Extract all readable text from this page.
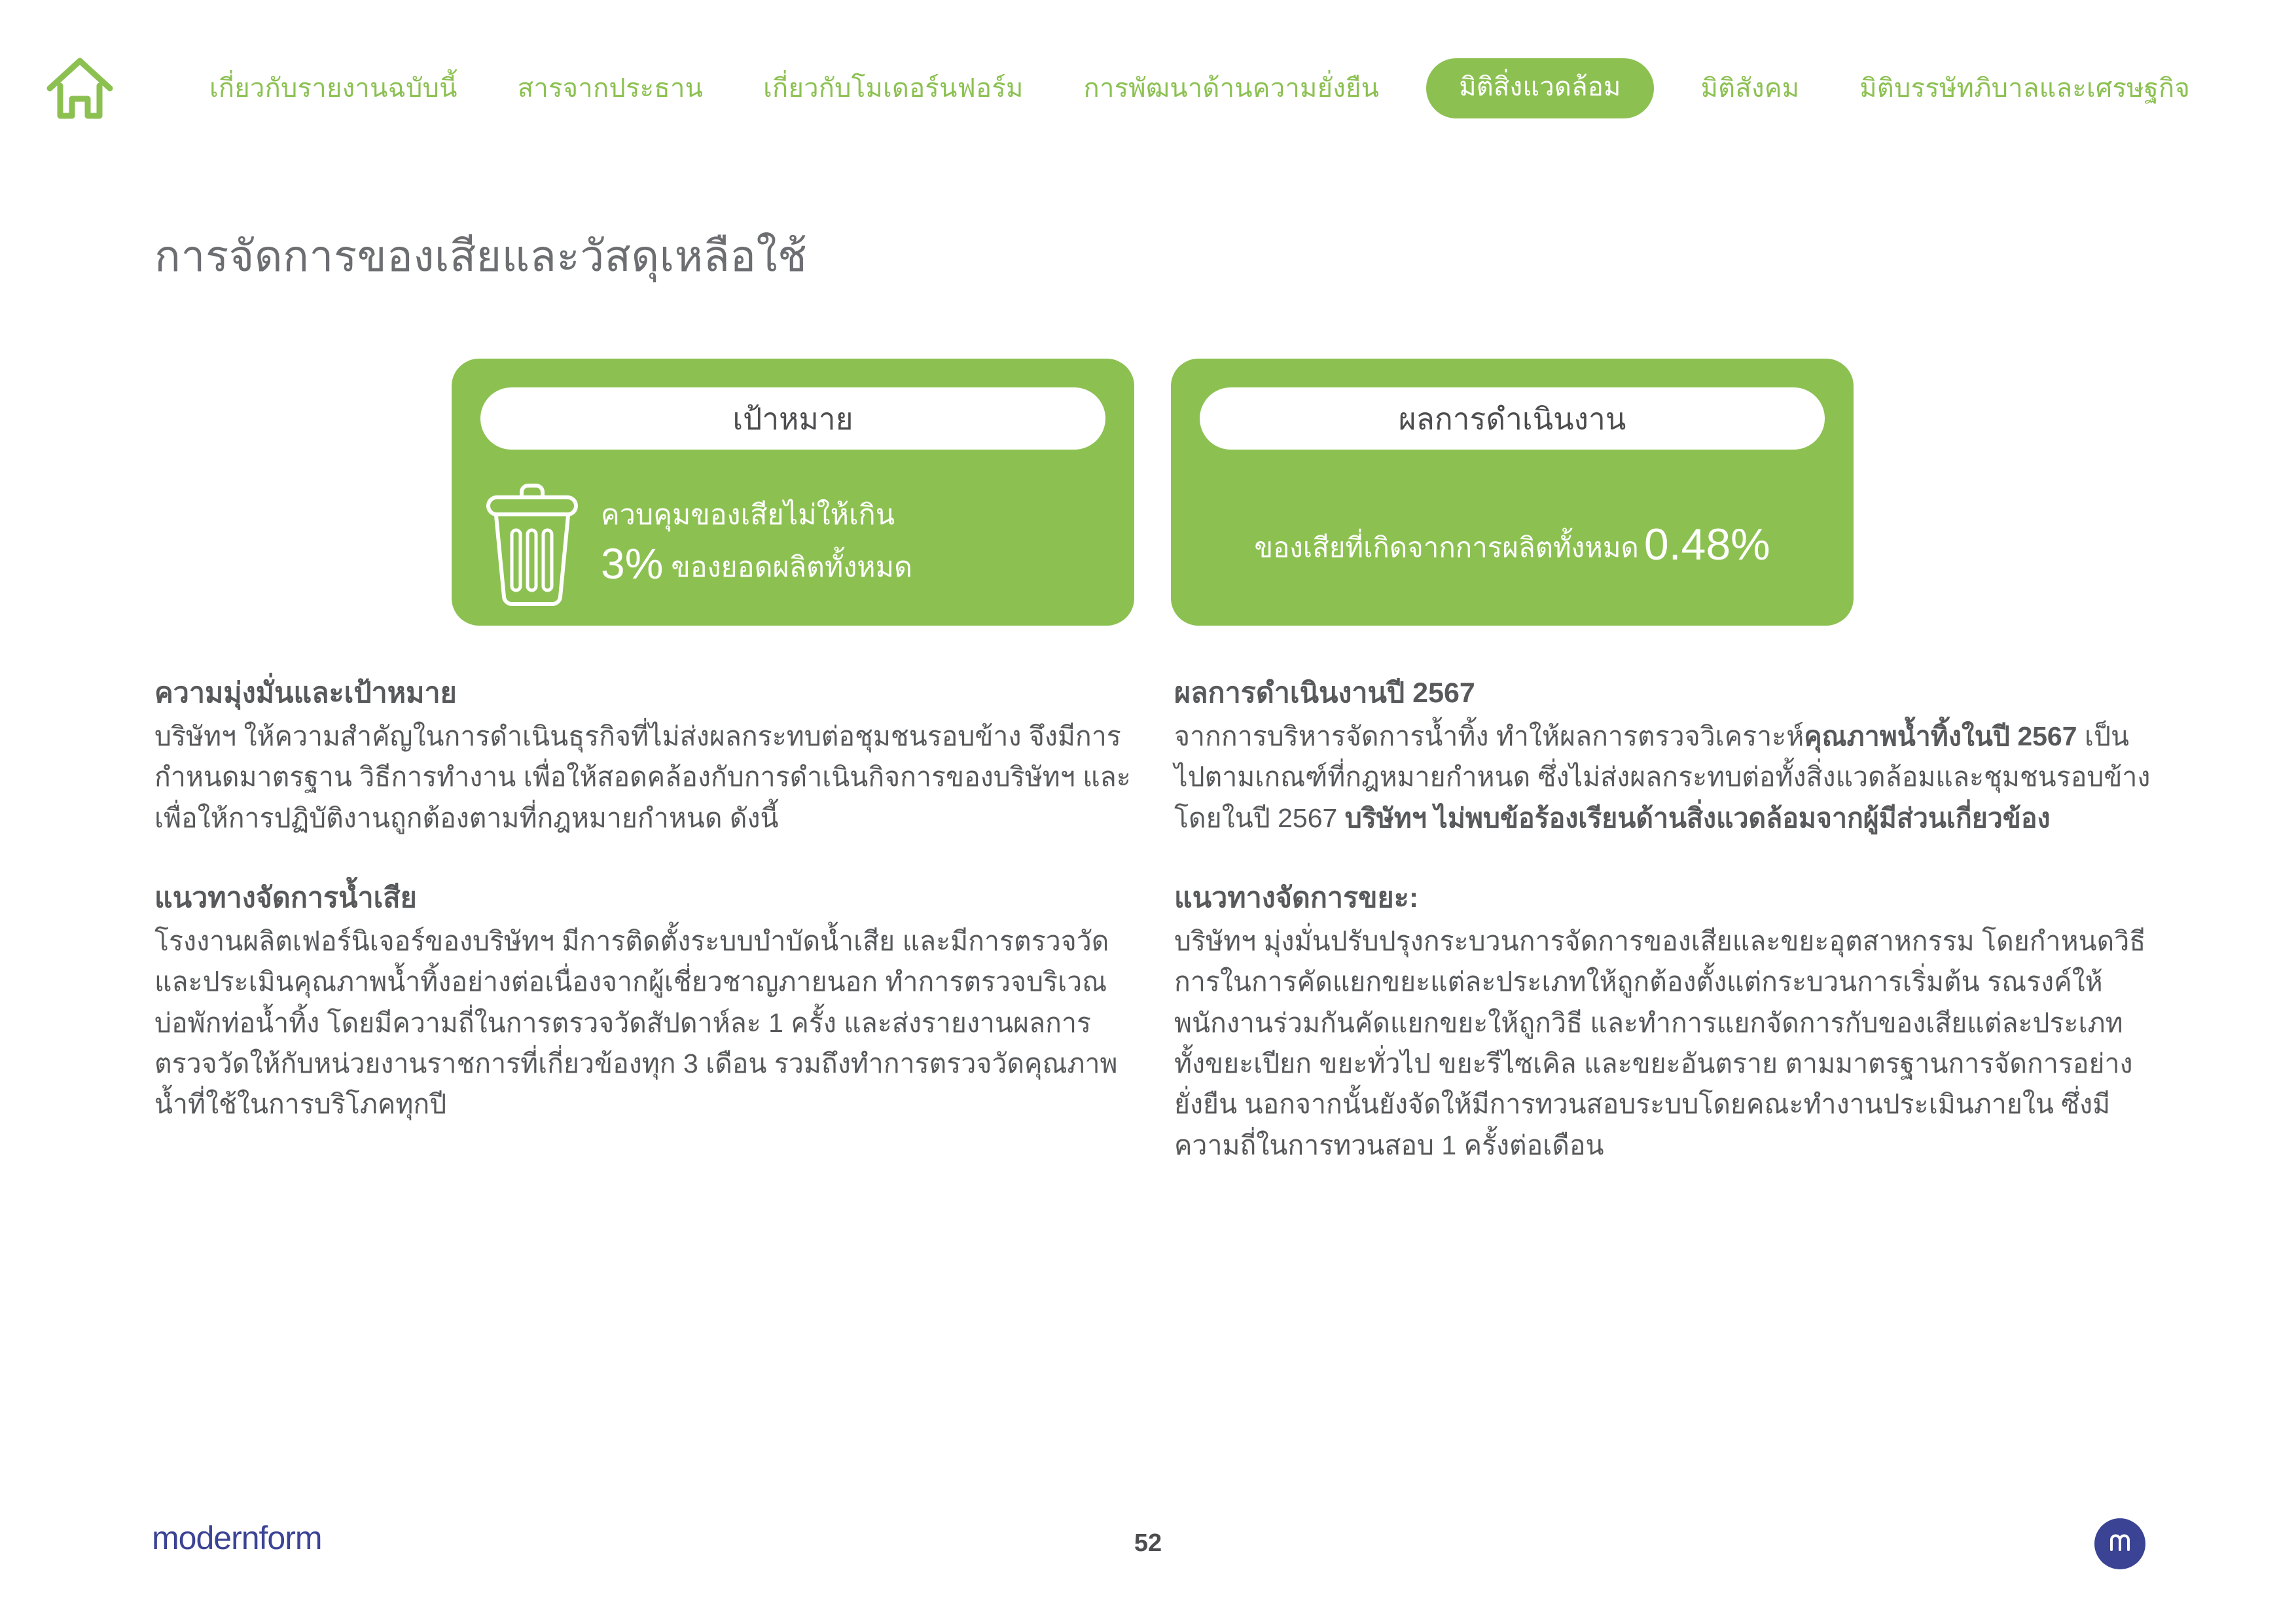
เกี่ยวกับรายงานฉบับนี้	สารจากประธาน	เกี่ยวกับโมเดอร์นฟอร์ม	การพัฒนาด้านความยั่งยืน	มิติสิ่งแวดล้อม	มิติสังคม	มิติบรรษัทภิบาลและเศรษฐกิจ
การจัดการของเสียและวัสดุเหลือใช้
เป้าหมาย
ควบคุมของเสียไม่ให้เกิน
3% ของยอดผลิตทั้งหมด
ผลการดำเนินงาน
ของเสียที่เกิดจากการผลิตทั้งหมด 0.48%
ความมุ่งมั่นและเป้าหมาย

บริษัทฯ ให้ความสำคัญในการดำเนินธุรกิจที่ไม่ส่งผลกระทบต่อชุมชนรอบข้าง จึงมีการกำหนดมาตรฐาน วิธีการทำงาน เพื่อให้สอดคล้องกับการดำเนินกิจการของบริษัทฯ และเพื่อให้การปฏิบัติงานถูกต้องตามที่กฎหมายกำหนด ดังนี้

แนวทางจัดการน้ำเสีย

โรงงานผลิตเฟอร์นิเจอร์ของบริษัทฯ มีการติดตั้งระบบบำบัดน้ำเสีย และมีการตรวจวัดและประเมินคุณภาพน้ำทิ้งอย่างต่อเนื่องจากผู้เชี่ยวชาญภายนอก ทำการตรวจบริเวณบ่อพักท่อน้ำทิ้ง โดยมีความถี่ในการตรวจวัดสัปดาห์ละ 1 ครั้ง และส่งรายงานผลการตรวจวัดให้กับหน่วยงานราชการที่เกี่ยวข้องทุก 3 เดือน รวมถึงทำการตรวจวัดคุณภาพน้ำที่ใช้ในการบริโภคทุกปี

ผลการดำเนินงานปี 2567

จากการบริหารจัดการน้ำทิ้ง ทำให้ผลการตรวจวิเคราะห์คุณภาพน้ำทิ้งในปี 2567 เป็นไปตามเกณฑ์ที่กฎหมายกำหนด ซึ่งไม่ส่งผลกระทบต่อทั้งสิ่งแวดล้อมและชุมชนรอบข้าง โดยในปี 2567 บริษัทฯ ไม่พบข้อร้องเรียนด้านสิ่งแวดล้อมจากผู้มีส่วนเกี่ยวข้อง

แนวทางจัดการขยะ:

บริษัทฯ มุ่งมั่นปรับปรุงกระบวนการจัดการของเสียและขยะอุตสาหกรรม โดยกำหนดวิธีการในการคัดแยกขยะแต่ละประเภทให้ถูกต้องตั้งแต่กระบวนการเริ่มต้น รณรงค์ให้พนักงานร่วมกันคัดแยกขยะให้ถูกวิธี และทำการแยกจัดการกับของเสียแต่ละประเภท ทั้งขยะเปียก ขยะทั่วไป ขยะรีไซเคิล และขยะอันตราย ตามมาตรฐานการจัดการอย่างยั่งยืน นอกจากนั้นยังจัดให้มีการทวนสอบระบบโดยคณะทำงานประเมินภายใน ซึ่งมีความถี่ในการทวนสอบ 1 ครั้งต่อเดือน

modernform	52
